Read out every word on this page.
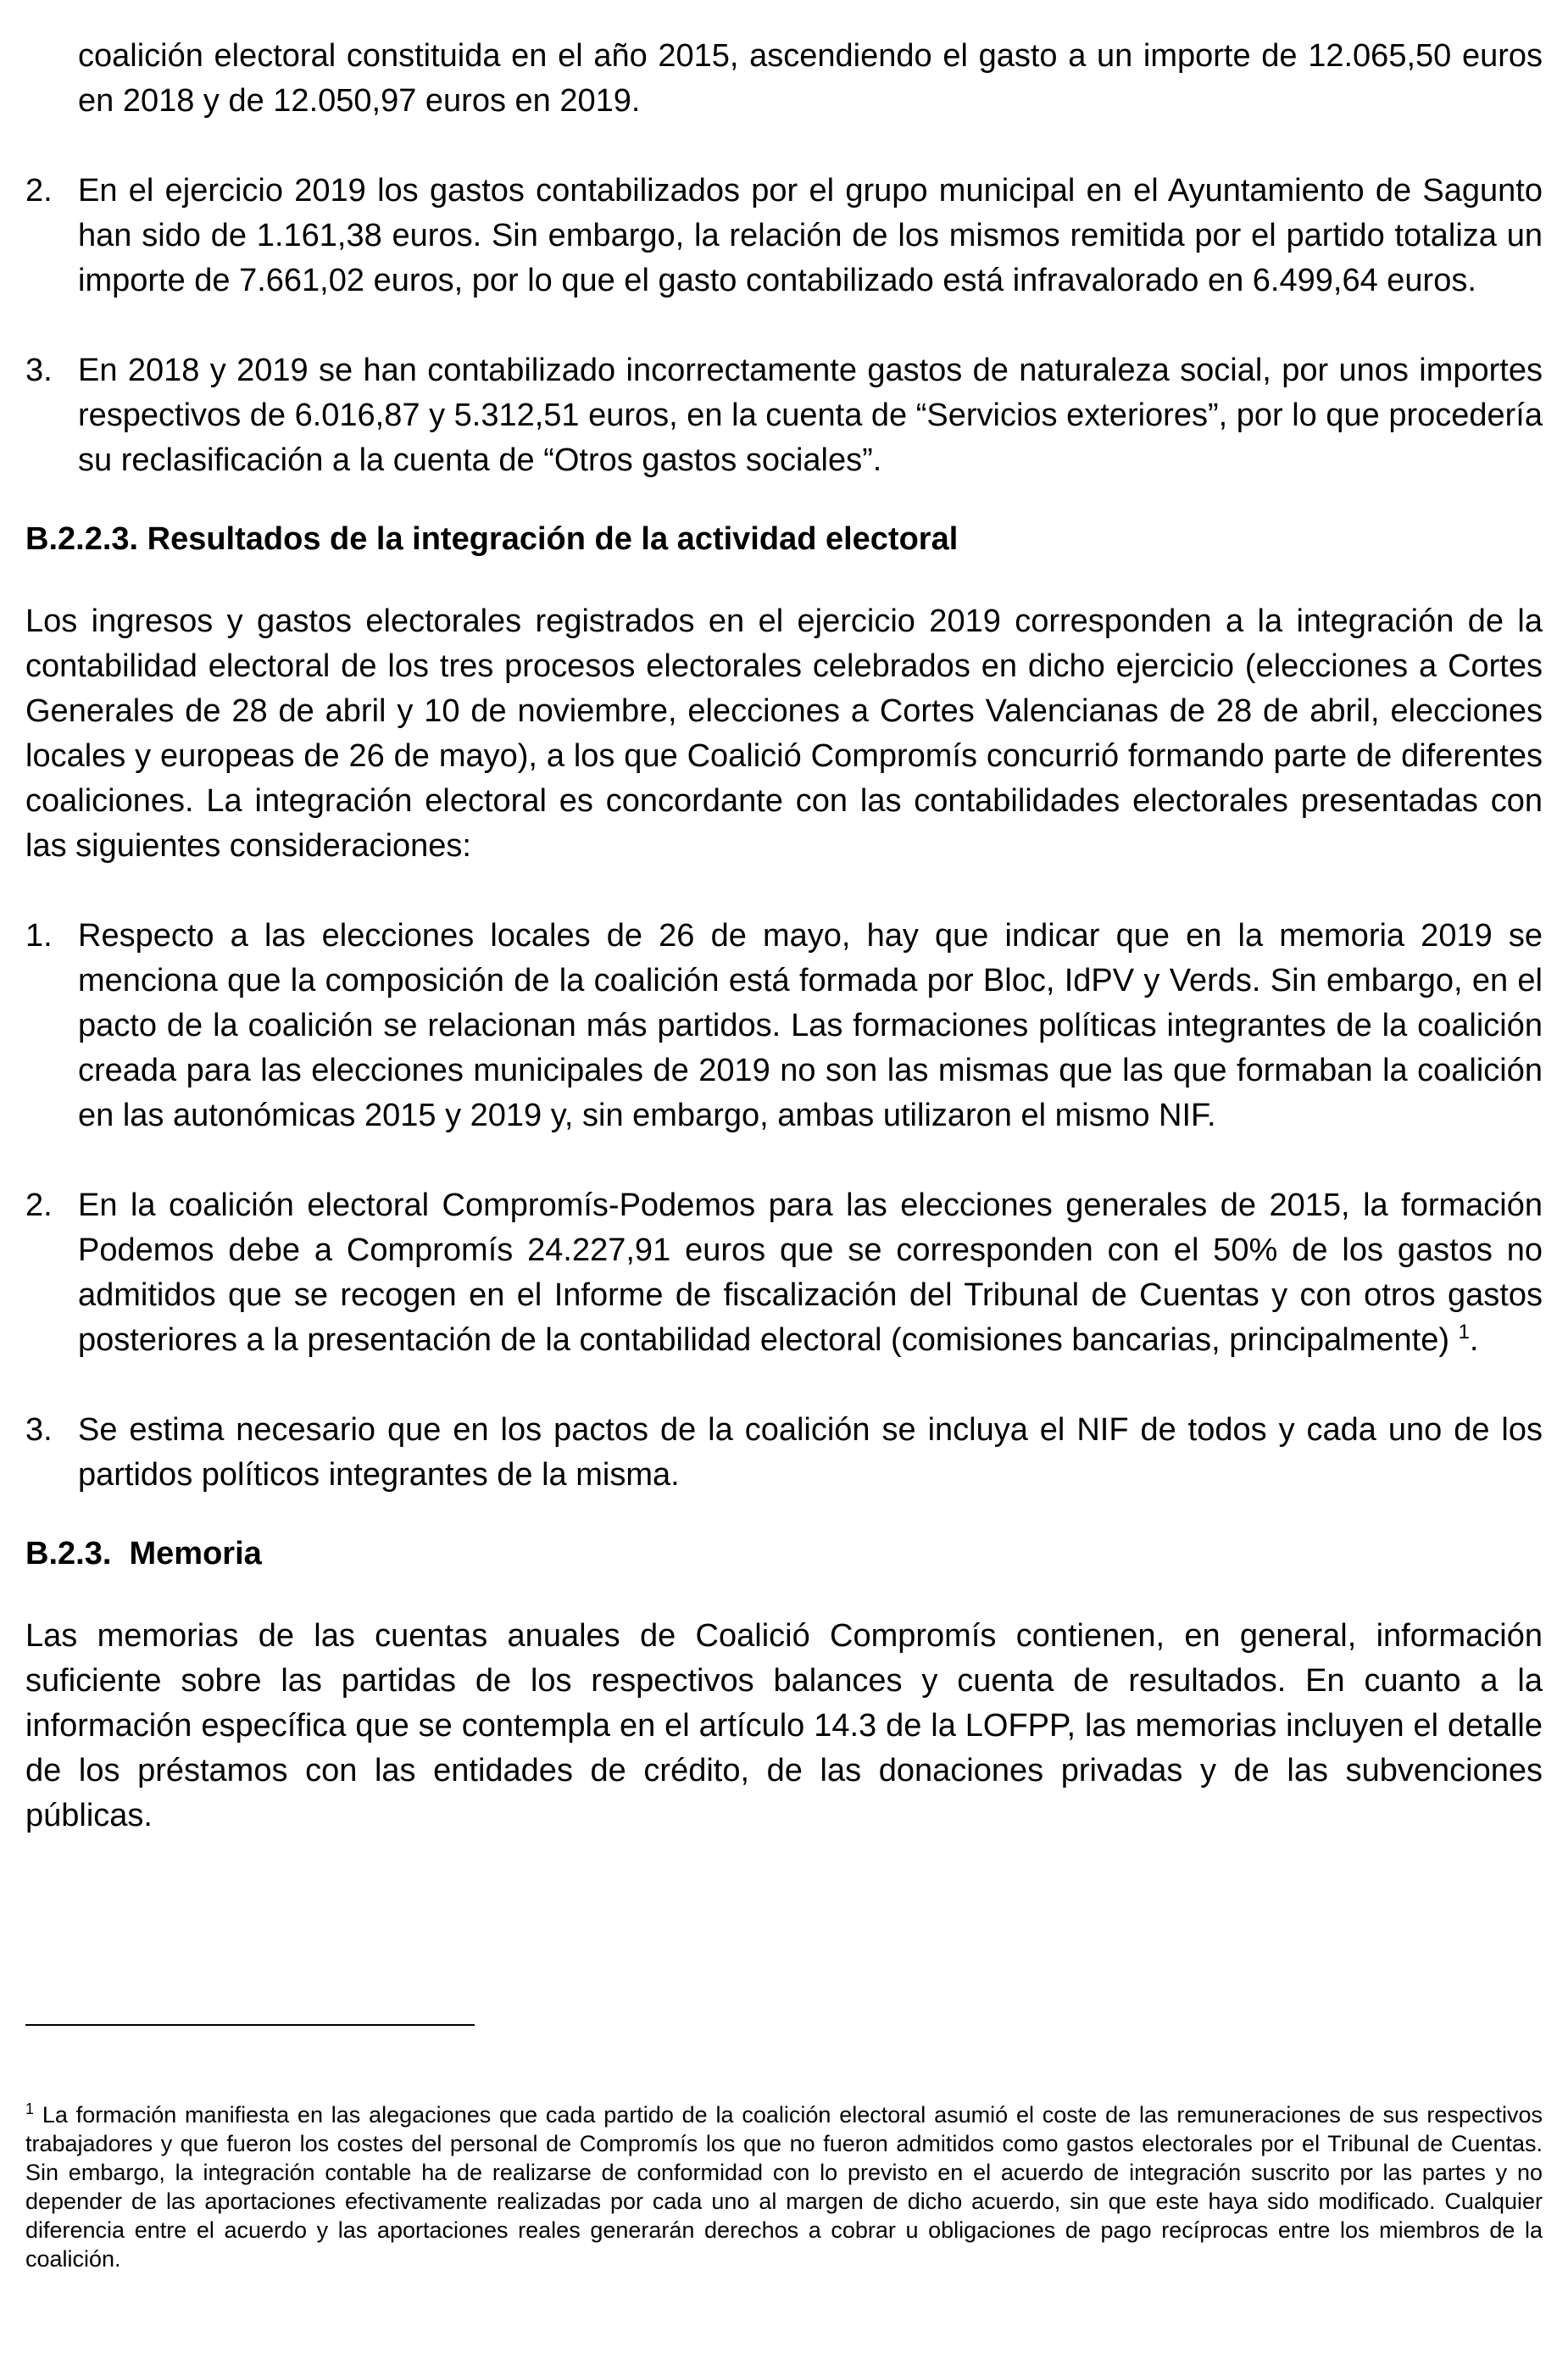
coalición electoral constituida en el año 2015, ascendiendo el gasto a un importe de 12.065,50 euros en 2018 y de 12.050,97 euros en 2019.

2. En el ejercicio 2019 los gastos contabilizados por el grupo municipal en el Ayuntamiento de Sagunto han sido de 1.161,38 euros. Sin embargo, la relación de los mismos remitida por el partido totaliza un importe de 7.661,02 euros, por lo que el gasto contabilizado está infravalorado en 6.499,64 euros.
3. En 2018 y 2019 se han contabilizado incorrectamente gastos de naturaleza social, por unos importes respectivos de 6.016,87 y 5.312,51 euros, en la cuenta de “Servicios exteriores”, por lo que procedería su reclasificación a la cuenta de “Otros gastos sociales”.
B.2.2.3. Resultados de la integración de la actividad electoral

Los ingresos y gastos electorales registrados en el ejercicio 2019 corresponden a la integración de la contabilidad electoral de los tres procesos electorales celebrados en dicho ejercicio (elecciones a Cortes Generales de 28 de abril y 10 de noviembre, elecciones a Cortes Valencianas de 28 de abril, elecciones locales y europeas de 26 de mayo), a los que Coalició Compromís concurrió formando parte de diferentes coaliciones. La integración electoral es concordante con las contabilidades electorales presentadas con las siguientes consideraciones:

1. Respecto a las elecciones locales de 26 de mayo, hay que indicar que en la memoria 2019 se menciona que la composición de la coalición está formada por Bloc, IdPV y Verds. Sin embargo, en el pacto de la coalición se relacionan más partidos. Las formaciones políticas integrantes de la coalición creada para las elecciones municipales de 2019 no son las mismas que las que formaban la coalición en las autonómicas 2015 y 2019 y, sin embargo, ambas utilizaron el mismo NIF.
2. En la coalición electoral Compromís-Podemos para las elecciones generales de 2015, la formación Podemos debe a Compromís 24.227,91 euros que se corresponden con el 50% de los gastos no admitidos que se recogen en el Informe de fiscalización del Tribunal de Cuentas y con otros gastos posteriores a la presentación de la contabilidad electoral (comisiones bancarias, principalmente) $^1$.
3. Se estima necesario que en los pactos de la coalición se incluya el NIF de todos y cada uno de los partidos políticos integrantes de la misma.
B.2.3.  Memoria

Las memorias de las cuentas anuales de Coalició Compromís contienen, en general, información suficiente sobre las partidas de los respectivos balances y cuenta de resultados. En cuanto a la información específica que se contempla en el artículo 14.3 de la LOFPP, las memorias incluyen el detalle de los préstamos con las entidades de crédito, de las donaciones privadas y de las subvenciones públicas.

$^1$ La formación manifiesta en las alegaciones que cada partido de la coalición electoral asumió el coste de las remuneraciones de sus respectivos trabajadores y que fueron los costes del personal de Compromís los que no fueron admitidos como gastos electorales por el Tribunal de Cuentas. Sin embargo, la integración contable ha de realizarse de conformidad con lo previsto en el acuerdo de integración suscrito por las partes y no depender de las aportaciones efectivamente realizadas por cada uno al margen de dicho acuerdo, sin que este haya sido modificado. Cualquier diferencia entre el acuerdo y las aportaciones reales generarán derechos a cobrar u obligaciones de pago recíprocas entre los miembros de la coalición.
